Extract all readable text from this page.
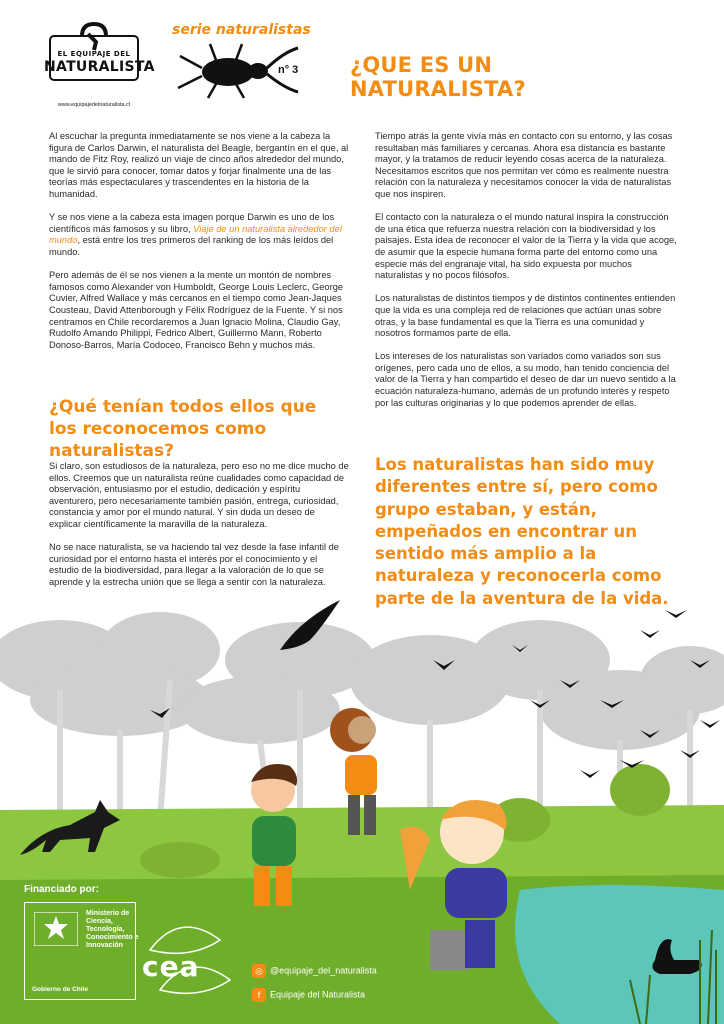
EL EQUIPAJE DEL
NATURALISTA
www.equipajedelnaturalista.cl
serie naturalistas
n° 3 ¿QUE ES UN NATURALISTA?

Al escuchar la pregunta inmediatamente se nos viene a la cabeza la figura de Carlos Darwin, el naturalista del Beagle, bergantín en el que, al mando de Fitz Roy, realizó un viaje de cinco años alrededor del mundo, que le sirvió para conocer, tomar datos y forjar finalmente una de las teorías más espectaculares y trascendentes en la historia de la humanidad.

Y se nos viene a la cabeza esta imagen porque Darwin es uno de los científicos más famosos y su libro, Viaje de un naturalista alrededor del mundo, está entre los tres primeros del ranking de los más leídos del mundo.

Pero además de él se nos vienen a la mente un montón de nombres famosos como Alexander von Humboldt, George Louis Leclerc, George Cuvier, Alfred Wallace y más cercanos en el tiempo como Jean-Jaques Cousteau, David Attenborough y Félix Rodríguez de la Fuente. Y si nos centramos en Chile recordaremos a Juan Ignacio Molina, Claudio Gay, Rudolfo Amando Philippi, Fedrico Albert, Guillermo Mann, Roberto Donoso-Barros, María Codoceo, Francisco Behn y muchos más.

¿Qué tenían todos ellos que los reconocemos como naturalistas?

Si claro, son estudiosos de la naturaleza, pero eso no me dice mucho de ellos. Creemos que un naturalista reúne cualidades como capacidad de observación, entusiasmo por el estudio, dedicación y espíritu aventurero, pero necesariamente también pasión, entrega, curiosidad, constancia y amor por el mundo natural. Y sin duda un deseo de explicar científicamente la maravilla de la naturaleza.

No se nace naturalista, se va haciendo tal vez desde la fase infantil de curiosidad por el entorno hasta el interés por el conocimiento y el estudio de la biodiversidad, para llegar a la valoración de lo que se aprende y la estrecha unión que se llega a sentir con la naturaleza.

Tiempo atrás la gente vivía más en contacto con su entorno, y las cosas resultaban más familiares y cercanas. Ahora esa distancia es bastante mayor, y la tratamos de reducir leyendo cosas acerca de la naturaleza. Necesitamos escritos que nos permitan ver cómo es realmente nuestra relación con la naturaleza y necesitamos conocer la vida de naturalistas que nos inspiren.

El contacto con la naturaleza o el mundo natural inspira la construcción de una ética que refuerza nuestra relación con la biodiversidad y los paisajes. Esta idea de reconocer el valor de la Tierra y la vida que acoge, de asumir que la especie humana forma parte del entorno como una especie más del engranaje vital, ha sido expuesta por muchos naturalistas y no pocos filósofos.

Los naturalistas de distintos tiempos y de distintos continentes entienden que la vida es una compleja red de relaciones que actúan unas sobre otras, y la base fundamental es que la Tierra es una comunidad y nosotros formamos parte de ella.

Los intereses de los naturalistas son variados como variados son sus orígenes, pero cada uno de ellos, a su modo, han tenido conciencia del valor de la Tierra y han compartido el deseo de dar un nuevo sentido a la ecuación naturaleza-humano, además de un profundo interés y respeto por las culturas originarias y lo que podemos aprender de ellas.

Los naturalistas han sido muy diferentes entre sí, pero como grupo estaban, y están, empeñados en encontrar un sentido más amplio a la naturaleza y reconocerla como parte de la aventura de la vida.
Financiado por:
Ministerio de Ciencia, Tecnología, Conocimiento e Innovación
Gobierno de Chile
cea	◎ @equipaje_del_naturalista
f Equipaje del Naturalista
